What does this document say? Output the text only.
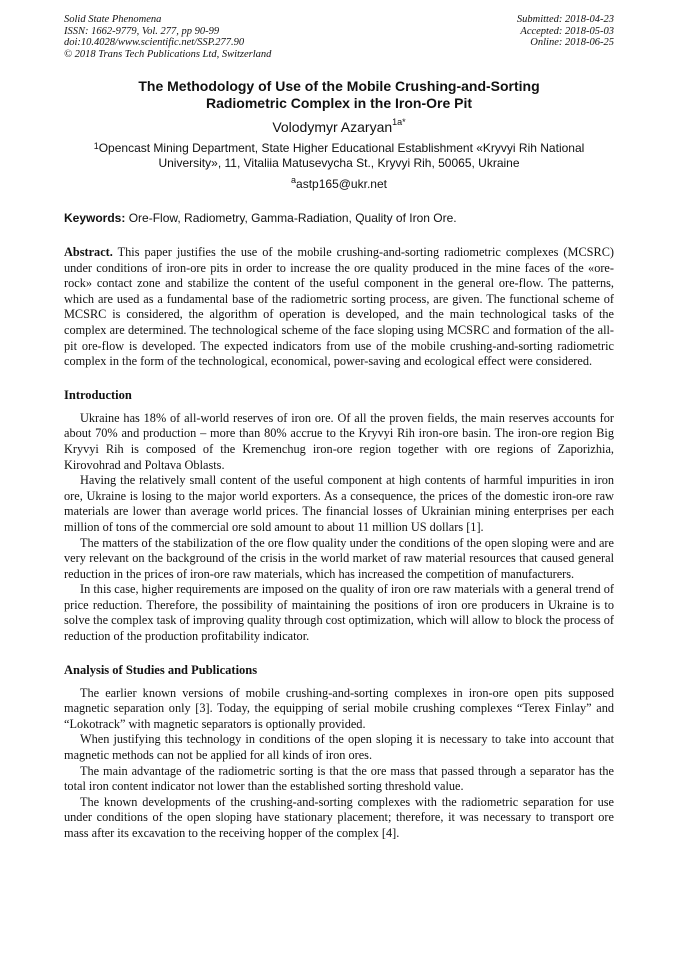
Solid State Phenomena
ISSN: 1662-9779, Vol. 277, pp 90-99
doi:10.4028/www.scientific.net/SSP.277.90
© 2018 Trans Tech Publications Ltd, Switzerland
Submitted: 2018-04-23
Accepted: 2018-05-03
Online: 2018-06-25
The Methodology of Use of the Mobile Crushing-and-Sorting
Radiometric Complex in the Iron-Ore Pit
Volodymyr Azaryan$^{1a*}$
$^1$Opencast Mining Department, State Higher Educational Establishment «Kryvyi Rih National
University», 11, Vitaliia Matusevycha St., Kryvyi Rih, 50065, Ukraine
$^a$astp165@ukr.net
Keywords: Ore-Flow, Radiometry, Gamma-Radiation, Quality of Iron Ore.
Abstract. This paper justifies the use of the mobile crushing-and-sorting radiometric complexes (MCSRC) under conditions of iron-ore pits in order to increase the ore quality produced in the mine faces of the «ore-rock» contact zone and stabilize the content of the useful component in the general ore-flow. The patterns, which are used as a fundamental base of the radiometric sorting process, are given. The functional scheme of MCSRC is considered, the algorithm of operation is developed, and the main technological tasks of the complex are determined. The technological scheme of the face sloping using MCSRC and formation of the all-pit ore-flow is developed. The expected indicators from use of the mobile crushing-and-sorting radiometric complex in the form of the technological, economical, power-saving and ecological effect were considered.
Introduction

Ukraine has 18% of all-world reserves of iron ore. Of all the proven fields, the main reserves accounts for about 70% and production – more than 80% accrue to the Kryvyi Rih iron-ore basin. The iron-ore region Big Kryvyi Rih is composed of the Kremenchug iron-ore region together with ore regions of Zaporizhia, Kirovohrad and Poltava Oblasts.

Having the relatively small content of the useful component at high contents of harmful impurities in iron ore, Ukraine is losing to the major world exporters. As a consequence, the prices of the domestic iron-ore raw materials are lower than average world prices. The financial losses of Ukrainian mining enterprises per each million of tons of the commercial ore sold amount to about 11 million US dollars [1].

The matters of the stabilization of the ore flow quality under the conditions of the open sloping were and are very relevant on the background of the crisis in the world market of raw material resources that caused general reduction in the prices of iron-ore raw materials, which has increased the competition of manufacturers.

In this case, higher requirements are imposed on the quality of iron ore raw materials with a general trend of price reduction. Therefore, the possibility of maintaining the positions of iron ore producers in Ukraine is to solve the complex task of improving quality through cost optimization, which will allow to block the process of reduction of the production profitability indicator.

Analysis of Studies and Publications

The earlier known versions of mobile crushing-and-sorting complexes in iron-ore open pits supposed magnetic separation only [3]. Today, the equipping of serial mobile crushing complexes “Terex Finlay” and “Lokotrack” with magnetic separators is optionally provided.

When justifying this technology in conditions of the open sloping it is necessary to take into account that magnetic methods can not be applied for all kinds of iron ores.

The main advantage of the radiometric sorting is that the ore mass that passed through a separator has the total iron content indicator not lower than the established sorting threshold value.

The known developments of the crushing-and-sorting complexes with the radiometric separation for use under conditions of the open sloping have stationary placement; therefore, it was necessary to transport ore mass after its excavation to the receiving hopper of the complex [4].
